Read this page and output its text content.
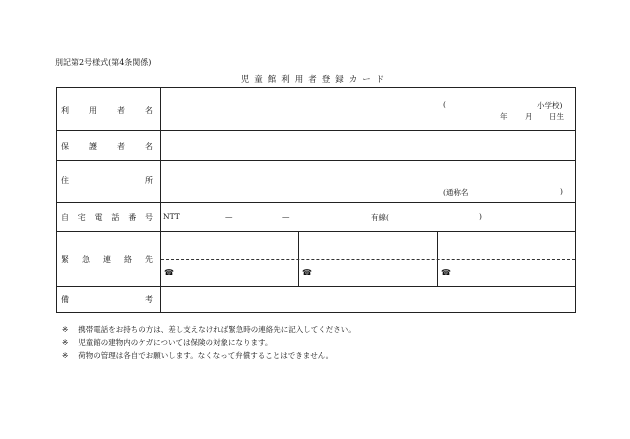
別記第2号様式(第4条関係)
児童館利用者登録カード
利	用	者	名
(	小学校)
年 月 日生
保	護	者	名
住	所
(通称名	)
自 宅 電 話 番 号 NTT	—	—	有線(	)
緊 急 連 絡 先
☎	☎	☎
備	考
※ 携帯電話をお持ちの方は、差し支えなければ緊急時の連絡先に記入してください。
※ 児童館の建物内のケガについては保険の対象になります。
※ 荷物の管理は各自でお願いします。なくなって弁償することはできません。
